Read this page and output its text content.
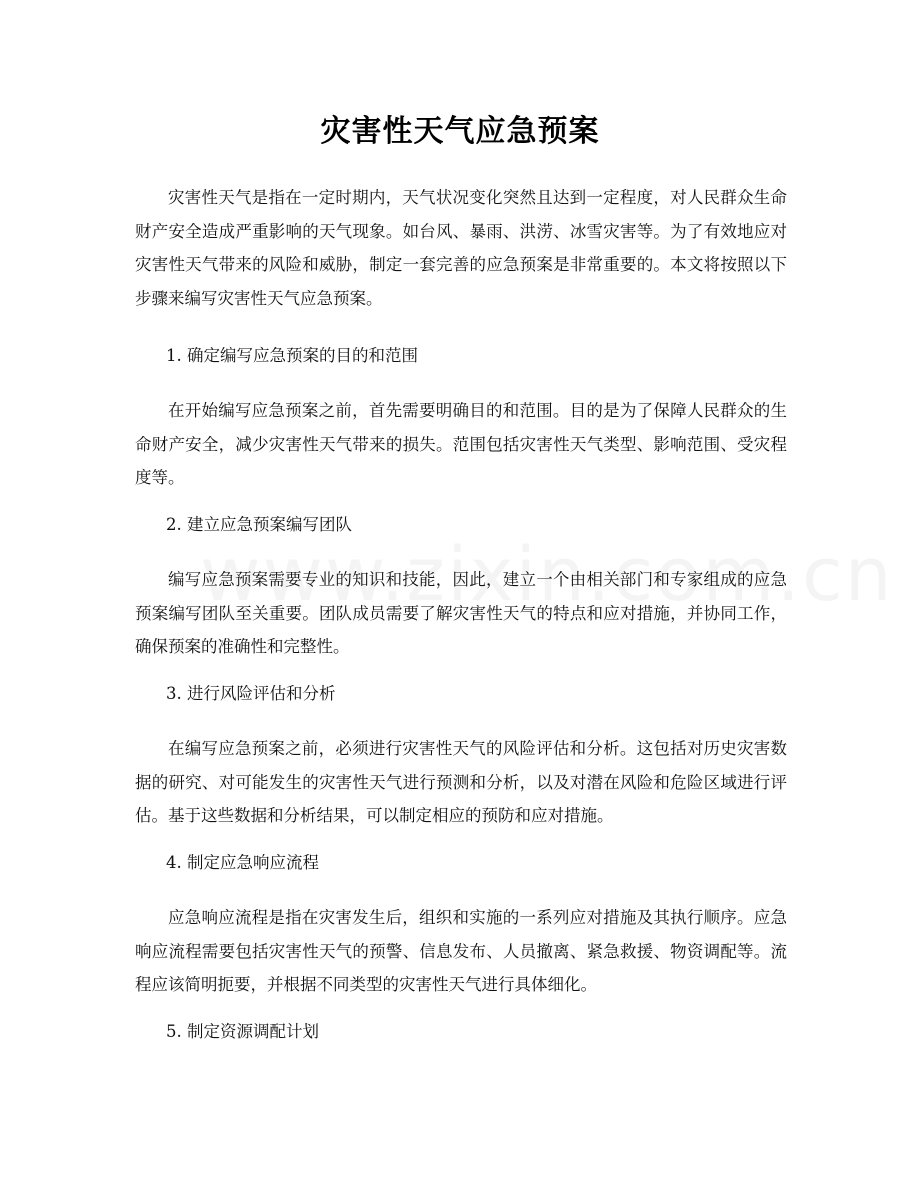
灾害性天气应急预案

灾害性天气是指在一定时期内，天气状况变化突然且达到一定程度，对人民群众生命财产安全造成严重影响的天气现象。如台风、暴雨、洪涝、冰雪灾害等。为了有效地应对灾害性天气带来的风险和威胁，制定一套完善的应急预案是非常重要的。本文将按照以下步骤来编写灾害性天气应急预案。

1. 确定编写应急预案的目的和范围

在开始编写应急预案之前，首先需要明确目的和范围。目的是为了保障人民群众的生命财产安全，减少灾害性天气带来的损失。范围包括灾害性天气类型、影响范围、受灾程度等。

2. 建立应急预案编写团队

编写应急预案需要专业的知识和技能，因此，建立一个由相关部门和专家组成的应急预案编写团队至关重要。团队成员需要了解灾害性天气的特点和应对措施，并协同工作，确保预案的准确性和完整性。

3. 进行风险评估和分析

在编写应急预案之前，必须进行灾害性天气的风险评估和分析。这包括对历史灾害数据的研究、对可能发生的灾害性天气进行预测和分析，以及对潜在风险和危险区域进行评估。基于这些数据和分析结果，可以制定相应的预防和应对措施。

4. 制定应急响应流程

应急响应流程是指在灾害发生后，组织和实施的一系列应对措施及其执行顺序。应急响应流程需要包括灾害性天气的预警、信息发布、人员撤离、紧急救援、物资调配等。流程应该简明扼要，并根据不同类型的灾害性天气进行具体细化。

5. 制定资源调配计划
